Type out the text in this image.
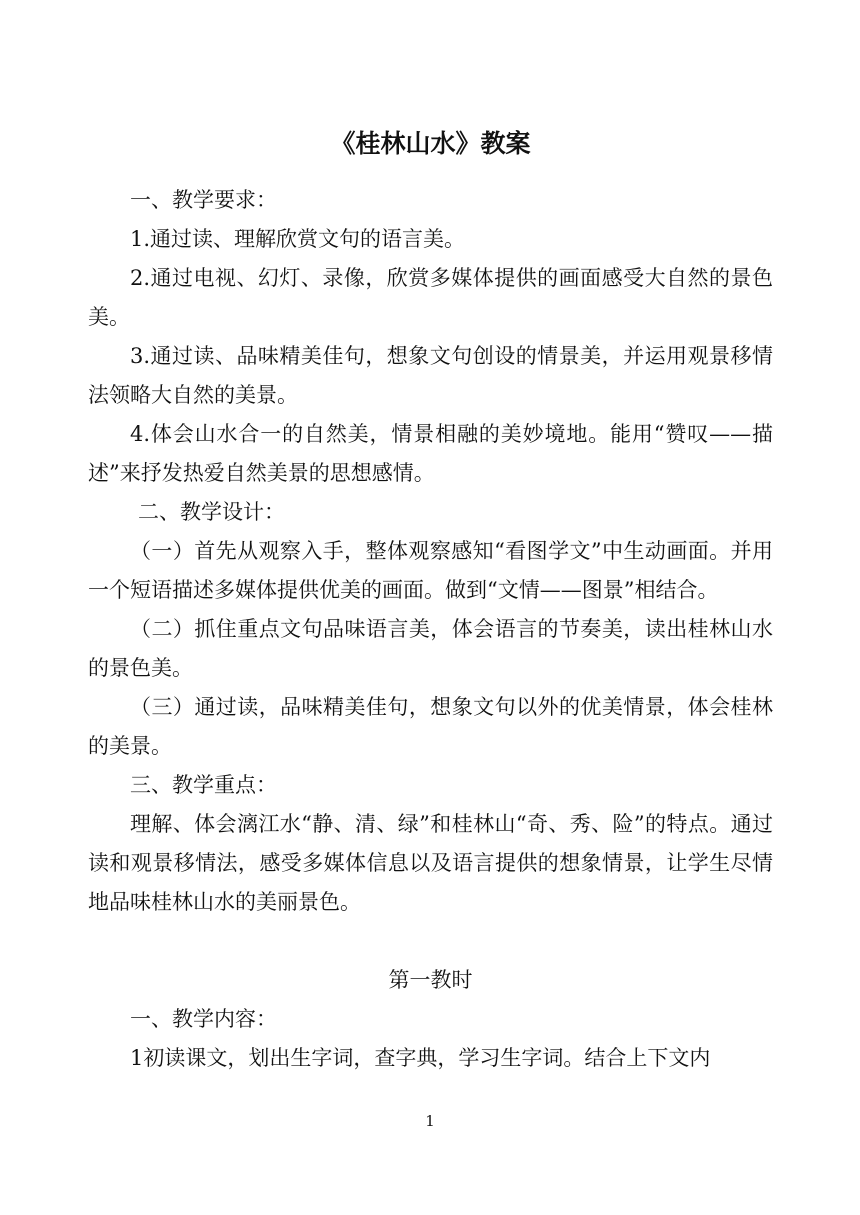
《桂林山水》教案

一、教学要求：

1.通过读、理解欣赏文句的语言美。

2.通过电视、幻灯、录像，欣赏多媒体提供的画面感受大自然的景色美。

3.通过读、品味精美佳句，想象文句创设的情景美，并运用观景移情法领略大自然的美景。

4.体会山水合一的自然美，情景相融的美妙境地。能用“赞叹——描述”来抒发热爱自然美景的思想感情。

二、教学设计：

（一）首先从观察入手，整体观察感知“看图学文”中生动画面。并用一个短语描述多媒体提供优美的画面。做到“文情——图景”相结合。

（二）抓住重点文句品味语言美，体会语言的节奏美，读出桂林山水的景色美。

（三）通过读，品味精美佳句，想象文句以外的优美情景，体会桂林的美景。

三、教学重点：

理解、体会漓江水“静、清、绿”和桂林山“奇、秀、险”的特点。通过读和观景移情法，感受多媒体信息以及语言提供的想象情景，让学生尽情地品味桂林山水的美丽景色。

第一教时

一、教学内容：

1初读课文，划出生字词，查字典，学习生字词。结合上下文内

1
